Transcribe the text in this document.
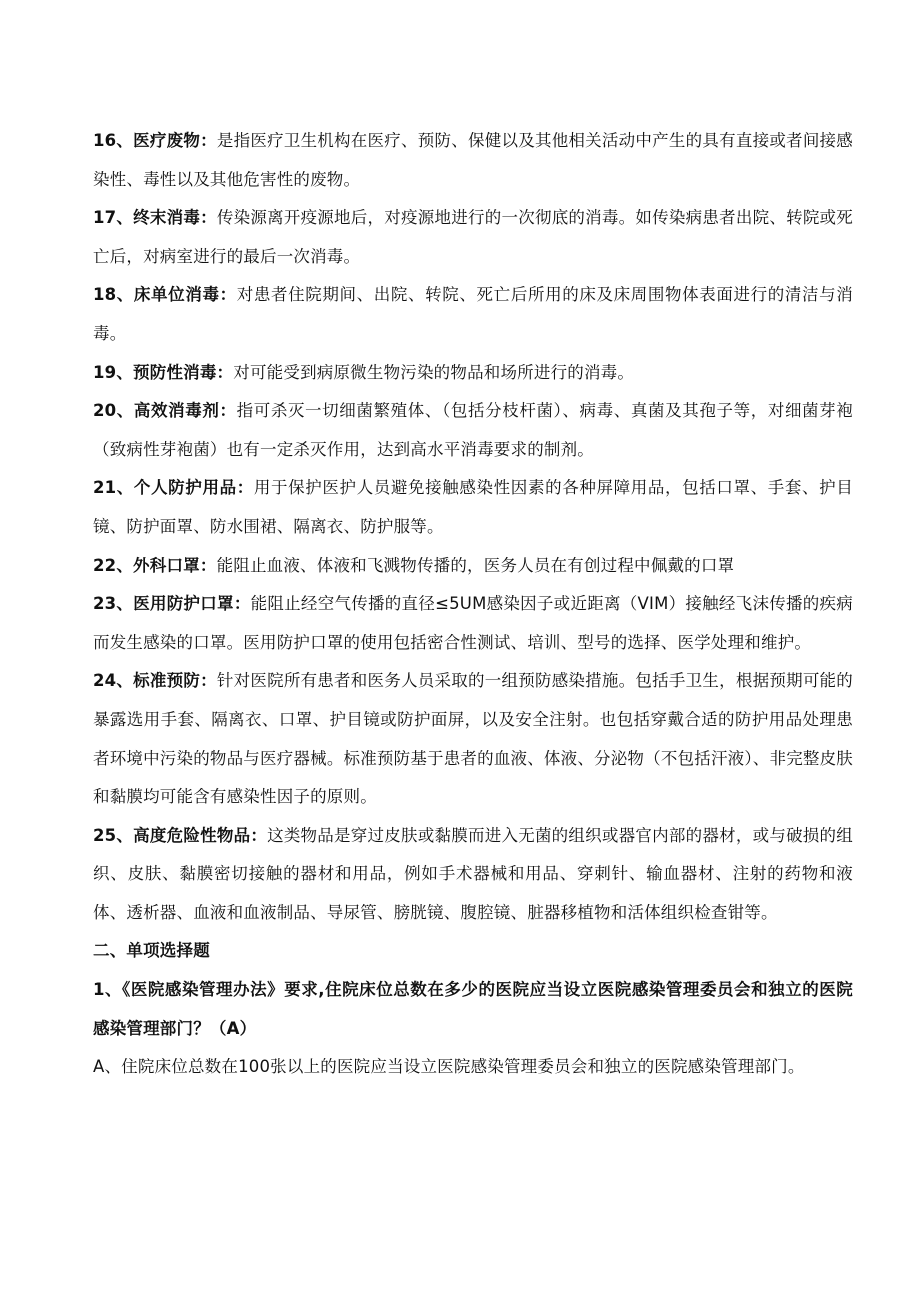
16、医疗废物：是指医疗卫生机构在医疗、预防、保健以及其他相关活动中产生的具有直接或者间接感染性、毒性以及其他危害性的废物。

17、终末消毒：传染源离开疫源地后，对疫源地进行的一次彻底的消毒。如传染病患者出院、转院或死亡后，对病室进行的最后一次消毒。

18、床单位消毒：对患者住院期间、出院、转院、死亡后所用的床及床周围物体表面进行的清洁与消毒。

19、预防性消毒：对可能受到病原微生物污染的物品和场所进行的消毒。

20、高效消毒剂：指可杀灭一切细菌繁殖体、（包括分枝杆菌）、病毒、真菌及其孢子等，对细菌芽袍（致病性芽袍菌）也有一定杀灭作用，达到高水平消毒要求的制剂。

21、个人防护用品：用于保护医护人员避免接触感染性因素的各种屏障用品，包括口罩、手套、护目镜、防护面罩、防水围裙、隔离衣、防护服等。

22、外科口罩：能阻止血液、体液和飞溅物传播的，医务人员在有创过程中佩戴的口罩

23、医用防护口罩：能阻止经空气传播的直径≤5UM感染因子或近距离（VIM）接触经飞沫传播的疾病而发生感染的口罩。医用防护口罩的使用包括密合性测试、培训、型号的选择、医学处理和维护。

24、标准预防：针对医院所有患者和医务人员采取的一组预防感染措施。包括手卫生，根据预期可能的暴露选用手套、隔离衣、口罩、护目镜或防护面屏，以及安全注射。也包括穿戴合适的防护用品处理患者环境中污染的物品与医疗器械。标准预防基于患者的血液、体液、分泌物（不包括汗液）、非完整皮肤和黏膜均可能含有感染性因子的原则。

25、高度危险性物品：这类物品是穿过皮肤或黏膜而进入无菌的组织或器官内部的器材，或与破损的组织、皮肤、黏膜密切接触的器材和用品，例如手术器械和用品、穿刺针、输血器材、注射的药物和液体、透析器、血液和血液制品、导尿管、膀胱镜、腹腔镜、脏器移植物和活体组织检查钳等。

二、单项选择题

1、《医院感染管理办法》要求,住院床位总数在多少的医院应当设立医院感染管理委员会和独立的医院感染管理部门？（A）

A、住院床位总数在100张以上的医院应当设立医院感染管理委员会和独立的医院感染管理部门。
